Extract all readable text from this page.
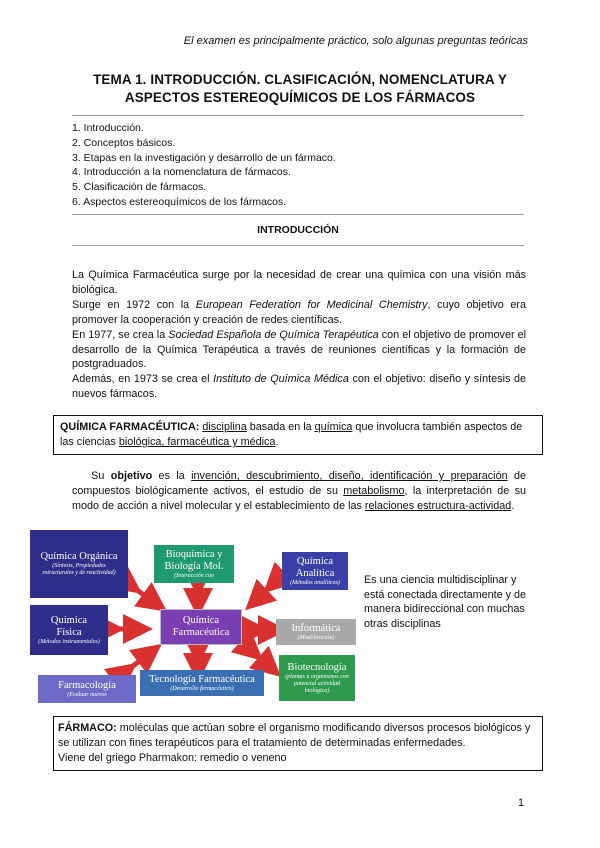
El examen es principalmente práctico, solo algunas preguntas teóricas
TEMA 1. INTRODUCCIÓN. CLASIFICACIÓN, NOMENCLATURA Y
ASPECTOS ESTEREOQUÍMICOS DE LOS FÁRMACOS
1. Introducción.
2. Conceptos básicos.
3. Etapas en la investigación y desarrollo de un fármaco.
4. Introducción a la nomenclatura de fármacos.
5. Clasificación de fármacos.
6. Aspectos estereoquímicos de los fármacos.
INTRODUCCIÓN

La Química Farmacéutica surge por la necesidad de crear una química con una visión más biológica.

Surge en 1972 con la European Federation for Medicinal Chemistry, cuyo objetivo era promover la cooperación y creación de redes científicas.

En 1977, se crea la Sociedad Española de Química Terapéutica con el objetivo de promover el desarrollo de la Química Terapéutica a través de reuniones científicas y la formación de postgraduados.

Además, en 1973 se crea el Instituto de Química Médica con el objetivo: diseño y síntesis de nuevos fármacos.

QUÍMICA FARMACÉUTICA: disciplina basada en la química que involucra también aspectos de las ciencias biológica, farmacéutica y médica.
Su objetivo es la invención, descubrimiento, diseño, identificación y preparación de compuestos biológicamente activos, el estudio de su metabolismo, la interpretación de su modo de acción a nivel molecular y el establecimiento de las relaciones estructura-actividad.
Química Orgánica
(Síntesis, Propiedades estructurales y de reactividad)
Química Física
(Métodos instrumentales)
Farmacología
(Evaluar nuevos
Bioquímica y Biología Mol.
(Interacción con
Química Farmacéutica
Tecnología Farmacéutica
(Desarrollo farmacéutico)
Química Analítica
(Métodos analíticos)
Informática
(Modelización)
Biotecnología
(plantas u organismos con potencial actividad biológica)
Es una ciencia multidisciplinar y está conectada directamente y de manera bidireccional con muchas otras disciplinas
FÁRMACO: moléculas que actúan sobre el organismo modificando diversos procesos biológicos y se utilizan con fines terapéuticos para el tratamiento de determinadas enfermedades.
Viene del griego Pharmakon: remedio o veneno
1
